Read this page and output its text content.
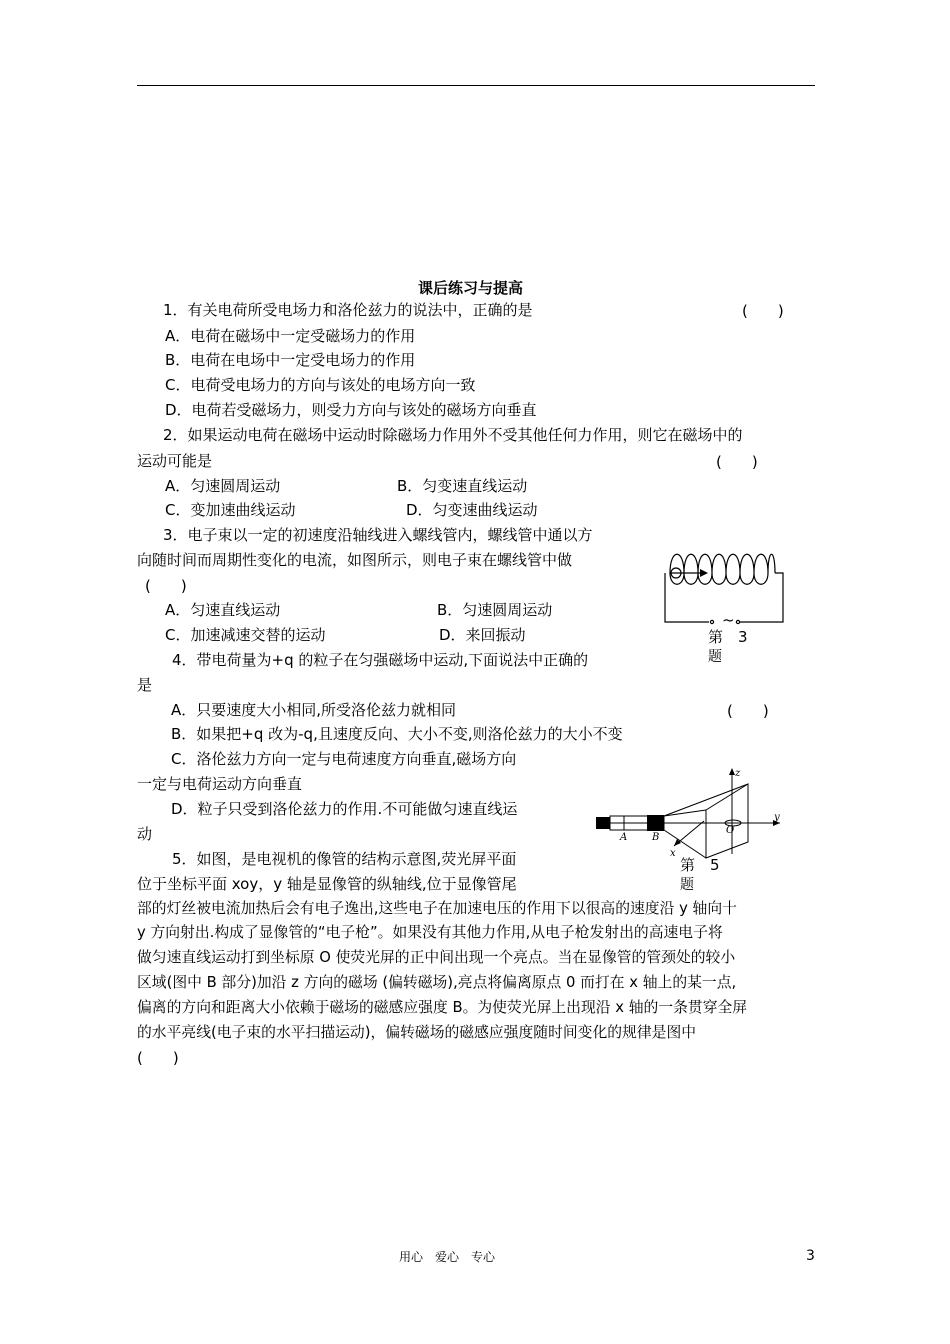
课后练习与提高
1．有关电荷所受电场力和洛伦兹力的说法中，正确的是	(　　)
A．电荷在磁场中一定受磁场力的作用
B．电荷在电场中一定受电场力的作用
C．电荷受电场力的方向与该处的电场方向一致
D．电荷若受磁场力，则受力方向与该处的磁场方向垂直
2．如果运动电荷在磁场中运动时除磁场力作用外不受其他任何力作用，则它在磁场中的
运动可能是	(　　)
A．匀速圆周运动	B．匀变速直线运动
C．变加速曲线运动	D．匀变速曲线运动
3．电子束以一定的初速度沿轴线进入螺线管内，螺线管中通以方
向随时间而周期性变化的电流，如图所示，则电子束在螺线管中做
(　　)
A．匀速直线运动	B．匀速圆周运动
C．加速减速交替的运动	D．来回振动
~
第　3
题
4．带电荷量为+q 的粒子在匀强磁场中运动,下面说法中正确的
是
(　　)
A．只要速度大小相同,所受洛伦兹力就相同
B．如果把+q 改为-q,且速度反向、大小不变,则洛伦兹力的大小不变
C．洛伦兹力方向一定与电荷速度方向垂直,磁场方向
一定与电荷运动方向垂直
D．粒子只受到洛伦兹力的作用.不可能做匀速直线运
动
z
y
x
A B
O
第　5
题
5．如图，是电视机的像管的结构示意图,荧光屏平面
位于坐标平面 xoy，y 轴是显像管的纵轴线,位于显像管尾
部的灯丝被电流加热后会有电子逸出,这些电子在加速电压的作用下以很高的速度沿 y 轴向十
y 方向射出.构成了显像管的“电子枪”。如果没有其他力作用,从电子枪发射出的高速电子将
做匀速直线运动打到坐标原 O 使荧光屏的正中间出现一个亮点。当在显像管的管颈处的较小
区域(图中 B 部分)加沿 z 方向的磁场 (偏转磁场),亮点将偏离原点 0 而打在 x 轴上的某一点,
偏离的方向和距离大小依赖于磁场的磁感应强度 B。为使荧光屏上出现沿 x 轴的一条贯穿全屏
的水平亮线(电子束的水平扫描运动)，偏转磁场的磁感应强度随时间变化的规律是图中
(　　)
用心　爱心　专心	3
